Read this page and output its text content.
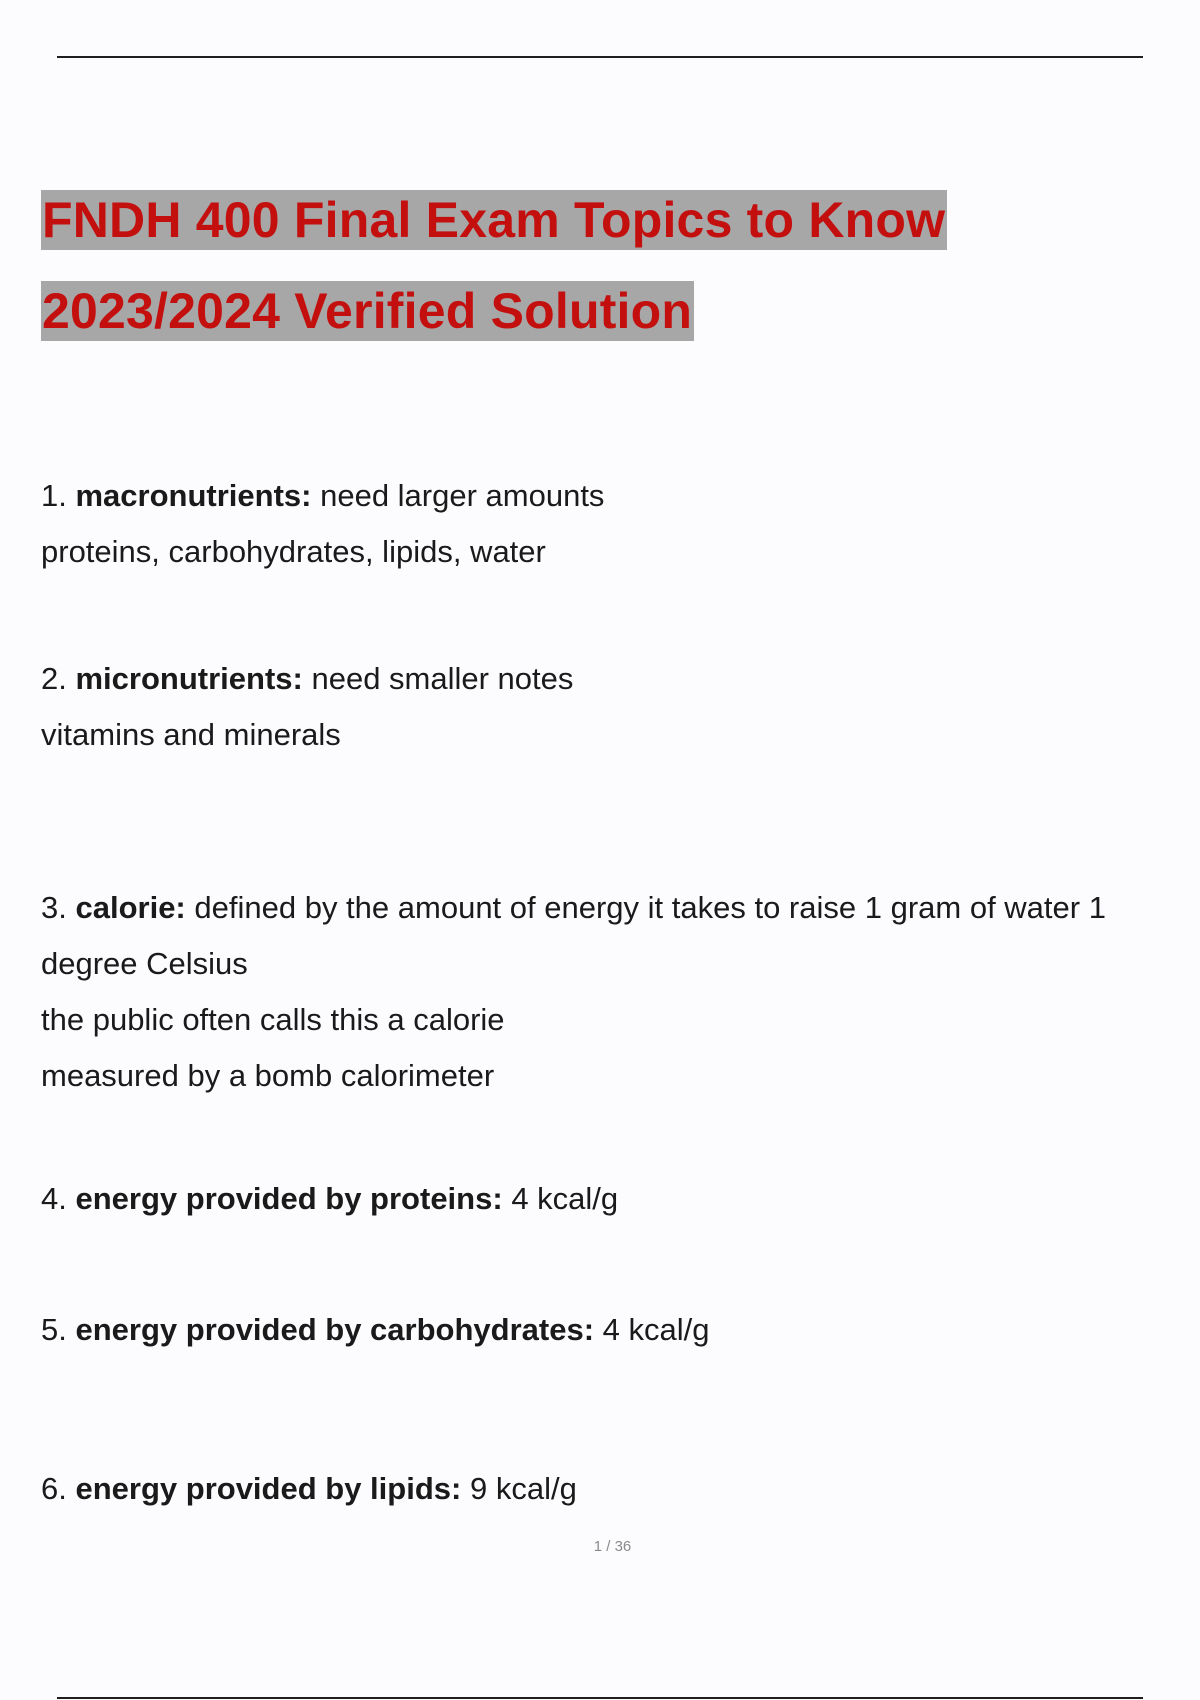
FNDH 400 Final Exam Topics to Know
2023/2024 Verified Solution
1. macronutrients: need larger amounts
proteins, carbohydrates, lipids, water
2. micronutrients: need smaller notes
vitamins and minerals
3. calorie: defined by the amount of energy it takes to raise 1 gram of water 1
degree Celsius
the public often calls this a calorie
measured by a bomb calorimeter
4. energy provided by proteins: 4 kcal/g
5. energy provided by carbohydrates: 4 kcal/g
6. energy provided by lipids: 9 kcal/g
1 / 36
